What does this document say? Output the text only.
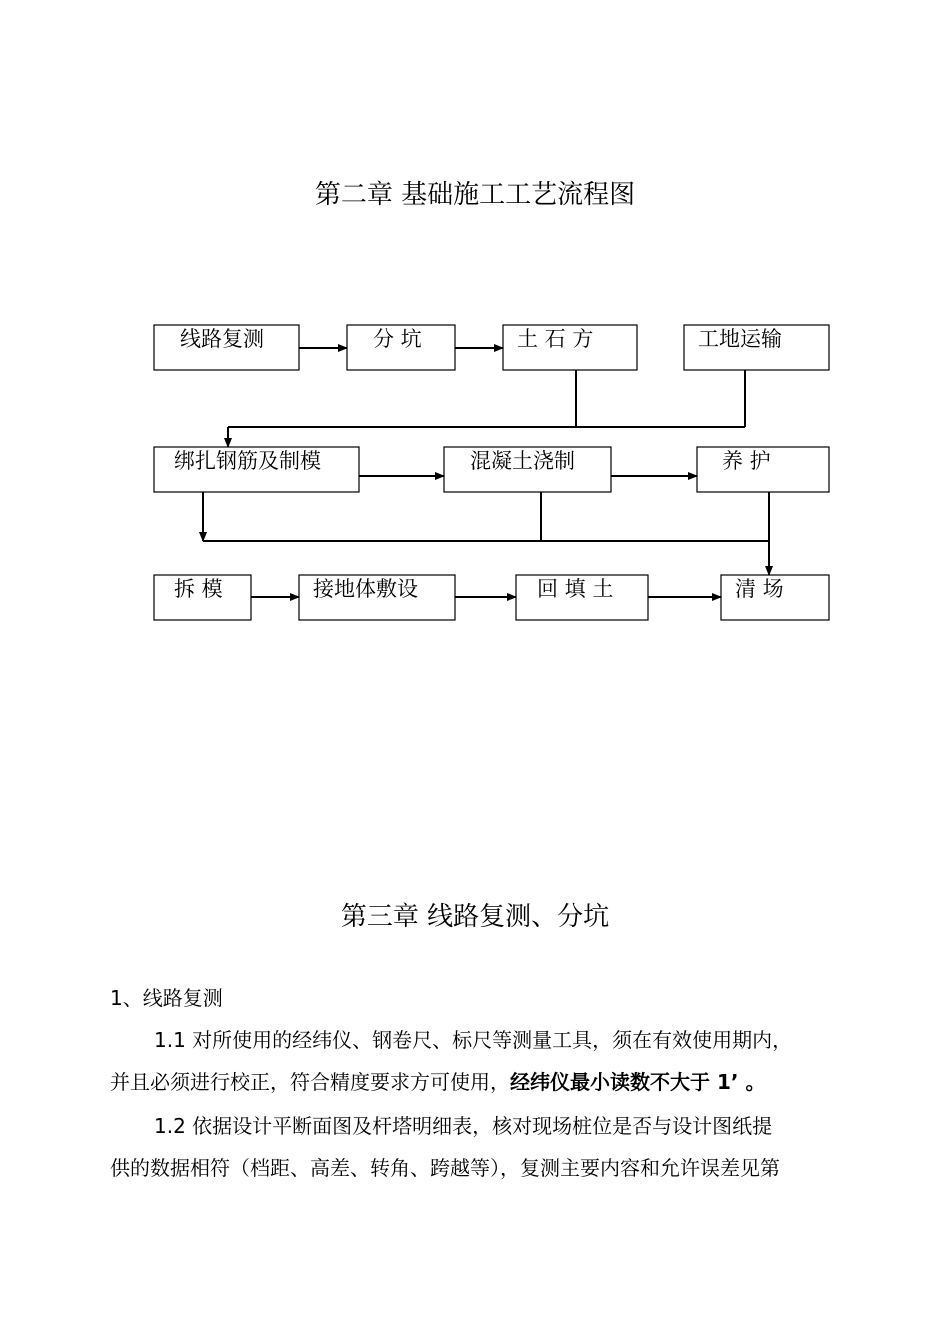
第二章 基础施工工艺流程图
线路复测	分 坑	土 石 方	工地运输
绑扎钢筋及制模	混凝土浇制	养 护
拆 模	接地体敷设	回 填 土	清 场
第三章 线路复测、分坑
1、线路复测
1.1 对所使用的经纬仪、钢卷尺、标尺等测量工具，须在有效使用期内，
并且必须进行校正，符合精度要求方可使用，经纬仪最小读数不大于 1’ 。
1.2 依据设计平断面图及杆塔明细表，核对现场桩位是否与设计图纸提
供的数据相符（档距、高差、转角、跨越等），复测主要内容和允许误差见第
